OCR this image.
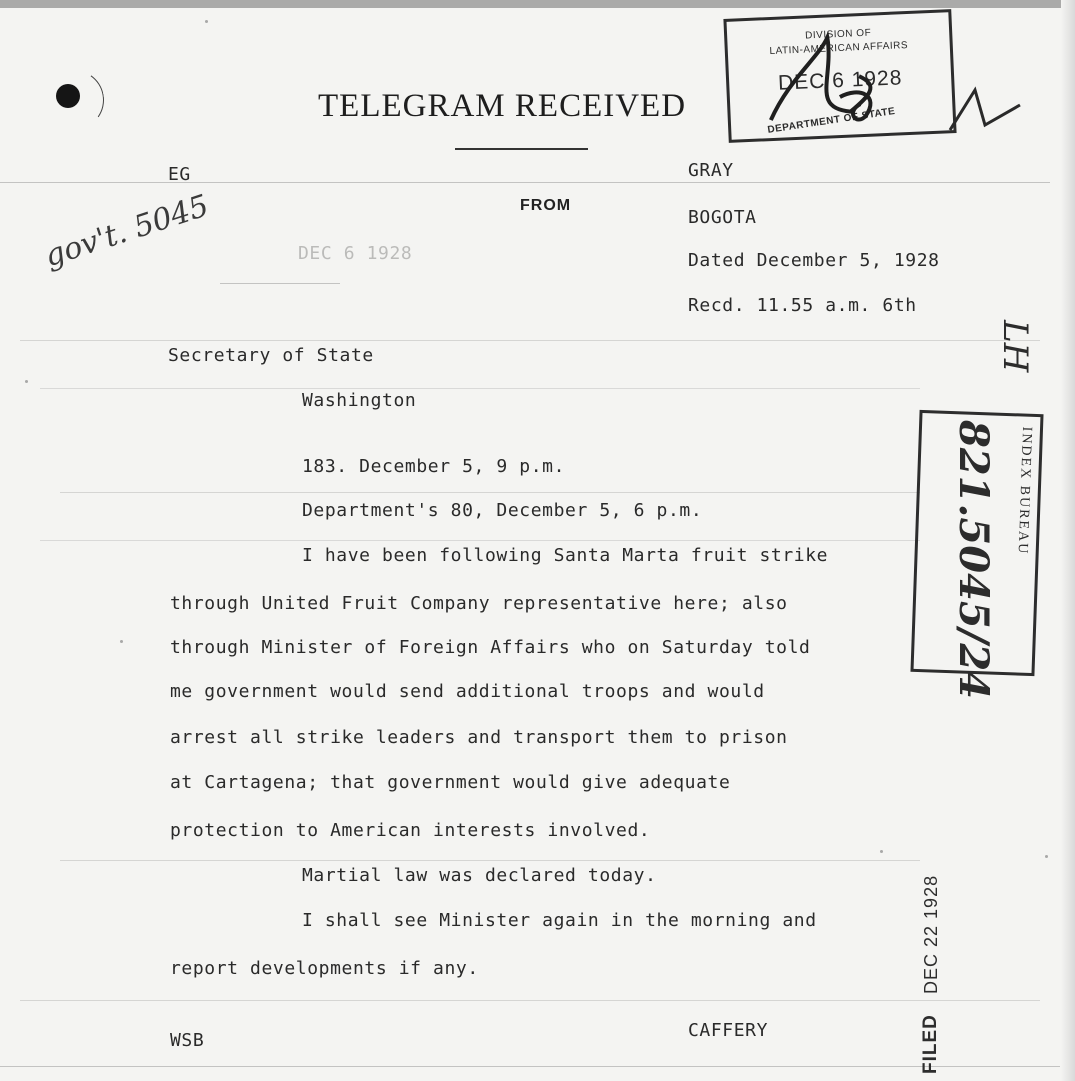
TELEGRAM RECEIVED
FROM
EG
DEC 6 1928
GRAY
BOGOTA
Dated December 5, 1928
Recd. 11.55 a.m. 6th
gov't. 5045
DIVISION OF
LATIN-AMERICAN AFFAIRS
DEC 6 1928
DEPARTMENT OF STATE
LH
INDEX BUREAU
821.5045/24
Secretary of State
Washington
183. December 5, 9 p.m.
Department's 80, December 5, 6 p.m.
I have been following Santa Marta fruit strike
through United Fruit Company representative here; also
through Minister of Foreign Affairs who on Saturday told
me government would send additional troops and would
arrest all strike leaders and transport them to prison
at Cartagena; that government would give adequate
protection to American interests involved.
Martial law was declared today.
I shall see Minister again in the morning and
report developments if any.
WSB	CAFFERY	FILED DEC 22 1928
